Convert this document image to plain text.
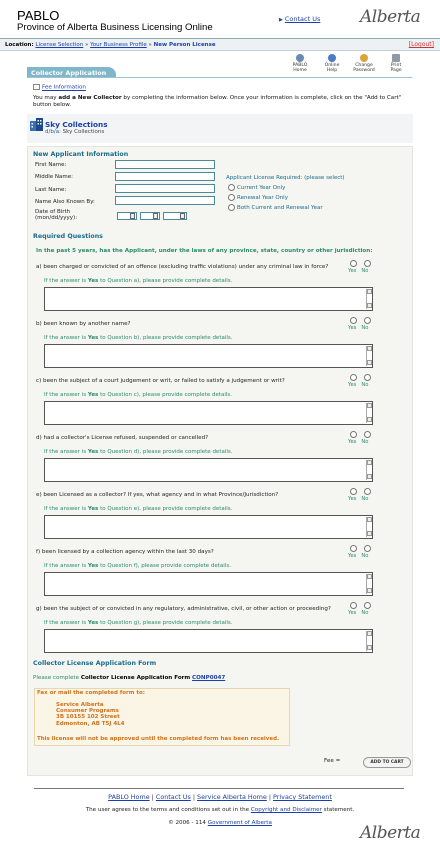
PABLO
Province of Alberta Business Licensing Online
▶ Contact Us Alberta
Location: License Selection » Your Business Profile » New Person License	[Logout]
PABLO
Home
Online
Help
Change
Password
Print
Page
Collector Application
Fee Information
You may add a New Collector by completing the information below. Once your information is complete, click on the "Add to Cart" button below.
Sky Collections
d/b/a: Sky Collections
New Applicant Information
First Name:
Middle Name:
Last Name:
Name Also Known By:
Date of Birth
(mon/dd/yyyy):
Applicant License Required: (please select)
Current Year Only
Renewal Year Only
Both Current and Renewal Year
Required Questions
In the past 5 years, has the Applicant, under the laws of any province, state, country or other jurisdiction:
a) been charged or convicted of an offence (excluding traffic violations) under any criminal law in force?
Yes No
If the answer is Yes to Question a), please provide complete details.
b) been known by another name?
Yes No
If the answer is Yes to Question b), please provide complete details.
c) been the subject of a court judgement or writ, or failed to satisfy a judgement or writ?
Yes No
If the answer is Yes to Question c), please provide complete details.
d) had a collector's License refused, suspended or cancelled?
Yes No
If the answer is Yes to Question d), please provide complete details.
e) been Licensed as a collector? If yes, what agency and in what Province/Jurisdiction?
Yes No
If the answer is Yes to Question e), please provide complete details.
f) been licensed by a collection agency within the last 30 days?
Yes No
If the answer is Yes to Question f), please provide complete details.
g) been the subject of or convicted in any regulatory, administrative, civil, or other action or proceeding?
Yes No
If the answer is Yes to Question g), please provide complete details.
Collector License Application Form
Please complete Collector License Application Form CONP0047
Fax or mail the completed form to:
Service Alberta
Consumer Programs
3B 10155 102 Street
Edmonton, AB T5J 4L4
This license will not be approved until the completed form has been received.
Fee =	ADD TO CART
PABLO Home | Contact Us | Service Alberta Home | Privacy Statement
The user agrees to the terms and conditions set out in the Copyright and Disclaimer statement.
© 2006 - 114 Government of Alberta	Alberta
